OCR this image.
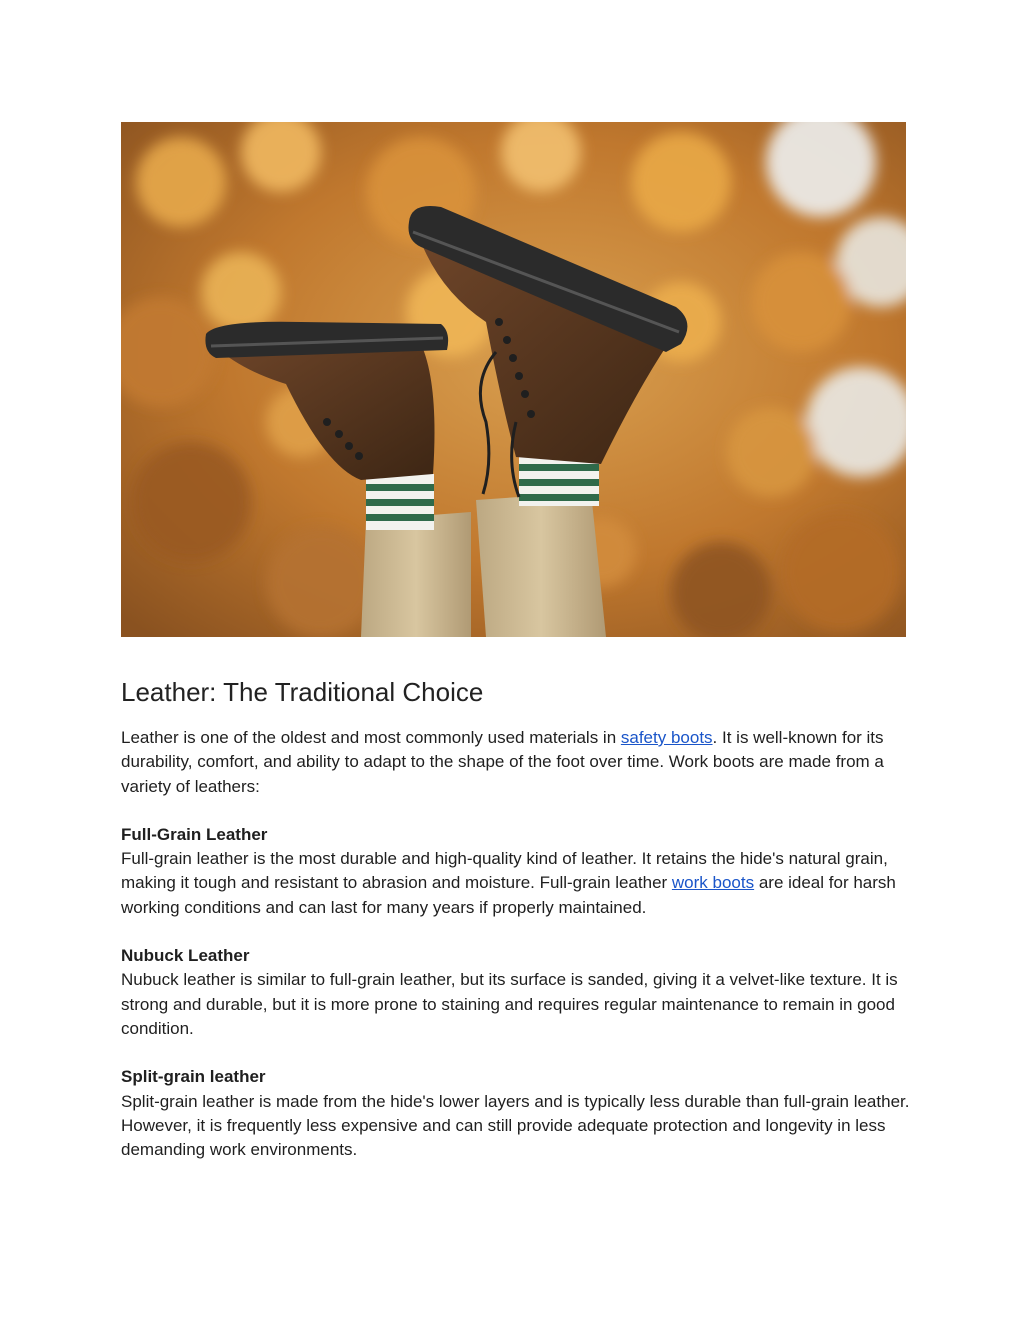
Leather: The Traditional Choice

Leather is one of the oldest and most commonly used materials in safety boots. It is well-known for its durability, comfort, and ability to adapt to the shape of the foot over time. Work boots are made from a variety of leathers:

Full-Grain Leather
Full-grain leather is the most durable and high-quality kind of leather. It retains the hide's natural grain, making it tough and resistant to abrasion and moisture. Full-grain leather work boots are ideal for harsh working conditions and can last for many years if properly maintained.

Nubuck Leather
Nubuck leather is similar to full-grain leather, but its surface is sanded, giving it a velvet-like texture. It is strong and durable, but it is more prone to staining and requires regular maintenance to remain in good condition.

Split-grain leather
Split-grain leather is made from the hide's lower layers and is typically less durable than full-grain leather. However, it is frequently less expensive and can still provide adequate protection and longevity in less demanding work environments.
